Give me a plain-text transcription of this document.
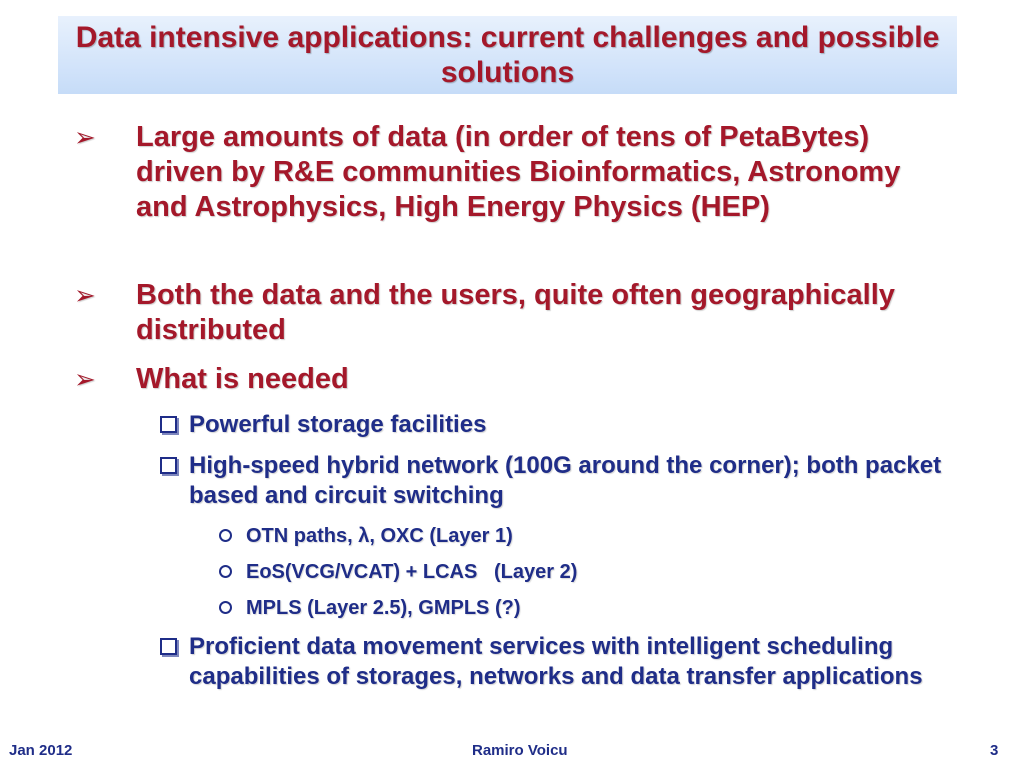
Data intensive applications: current challenges and possible solutions
➢ Large amounts of data (in order of tens of PetaBytes) driven by R&E communities Bioinformatics, Astronomy and Astrophysics, High Energy Physics (HEP)
➢ Both the data and the users, quite often geographically distributed
➢ What is needed
Powerful storage facilities
High-speed hybrid network (100G around the corner); both packet based and circuit switching
OTN paths, λ, OXC (Layer 1)
EoS(VCG/VCAT) + LCAS   (Layer 2)
MPLS (Layer 2.5), GMPLS (?)
Proficient data movement services with intelligent scheduling capabilities of storages, networks and data transfer applications
Jan 2012	Ramiro Voicu	3
